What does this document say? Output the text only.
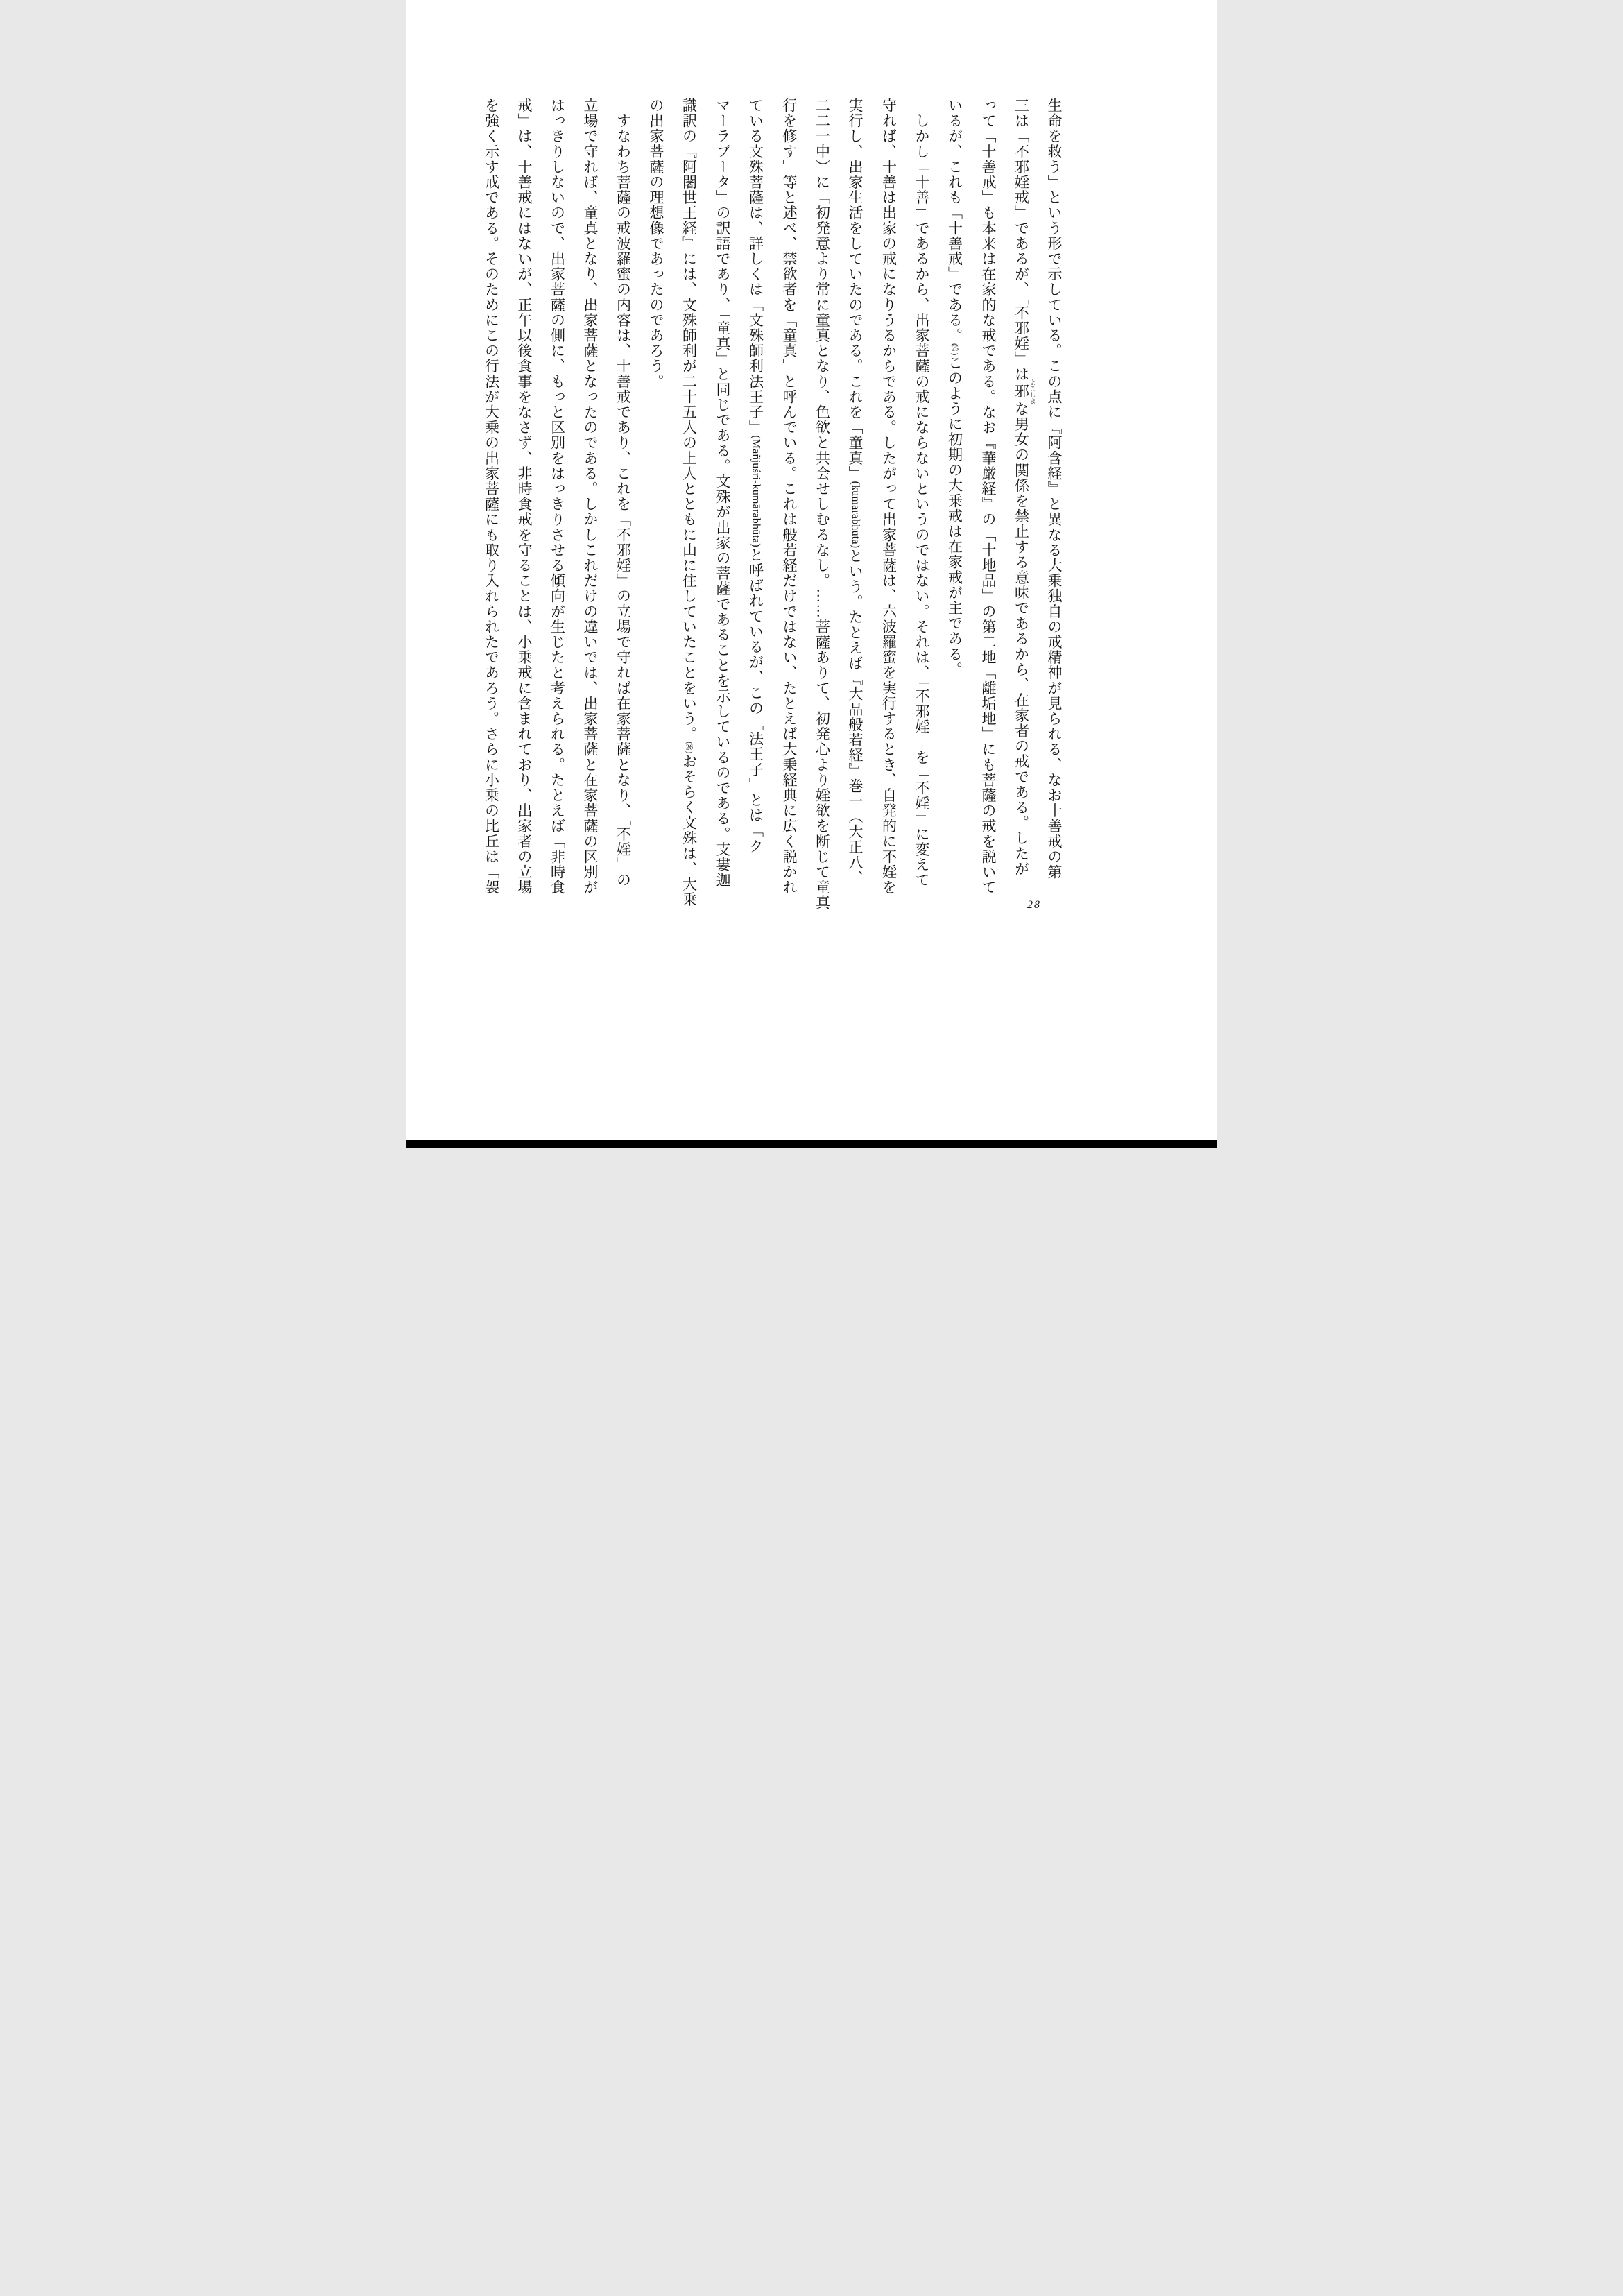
生命を救う」という形で示している。この点に『阿含経』と異なる大乗独自の戒精神が見られる、なお十善戒の第
三は「不邪婬戒」であるが、「不邪婬」は邪 よこしまな男女の関係を禁止する意味であるから、在家者の戒である。したが
って「十善戒」も本来は在家的な戒である。なお『華厳経』の「十地品」の第二地「離垢地」にも菩薩の戒を説いて
いるが、これも「十善戒」である。(25)このように初期の大乗戒は在家戒が主である。
　しかし「十善」であるから、出家菩薩の戒にならないというのではない。それは、「不邪婬」を「不婬」に変えて
守れば、十善は出家の戒になりうるからである。したがって出家菩薩は、六波羅蜜を実行するとき、自発的に不婬を
実行し、出家生活をしていたのである。これを「童真」(kumārabhūta)という。たとえば『大品般若経』巻一（大正八、
二二一中）に「初発意より常に童真となり、色欲と共会せしむるなし。……菩薩ありて、初発心より婬欲を断じて童真
行を修す」等と述べ、禁欲者を「童真」と呼んでいる。これは般若経だけではない、たとえば大乗経典に広く説かれ
ている文殊菩薩は、詳しくは「文殊師利法王子」(Mañjuśri-kumārabhūta)と呼ばれているが、この「法王子」とは「ク
マーラブータ」の訳語であり、「童真」と同じである。文殊が出家の菩薩であることを示しているのである。支婁迦
識訳の『阿闍世王経』には、文殊師利が二十五人の上人とともに山に住していたことをいう。(26)おそらく文殊は、大乗
の出家菩薩の理想像であったのであろう。
　すなわち菩薩の戒波羅蜜の内容は、十善戒であり、これを「不邪婬」の立場で守れば在家菩薩となり、「不婬」の
立場で守れば、童真となり、出家菩薩となったのである。しかしこれだけの違いでは、出家菩薩と在家菩薩の区別が
はっきりしないので、出家菩薩の側に、もっと区別をはっきりさせる傾向が生じたと考えられる。たとえば「非時食
戒」は、十善戒にはないが、正午以後食事をなさず、非時食戒を守ることは、小乗戒に含まれており、出家者の立場
を強く示す戒である。そのためにこの行法が大乗の出家菩薩にも取り入れられたであろう。さらに小乗の比丘は「袈
28
